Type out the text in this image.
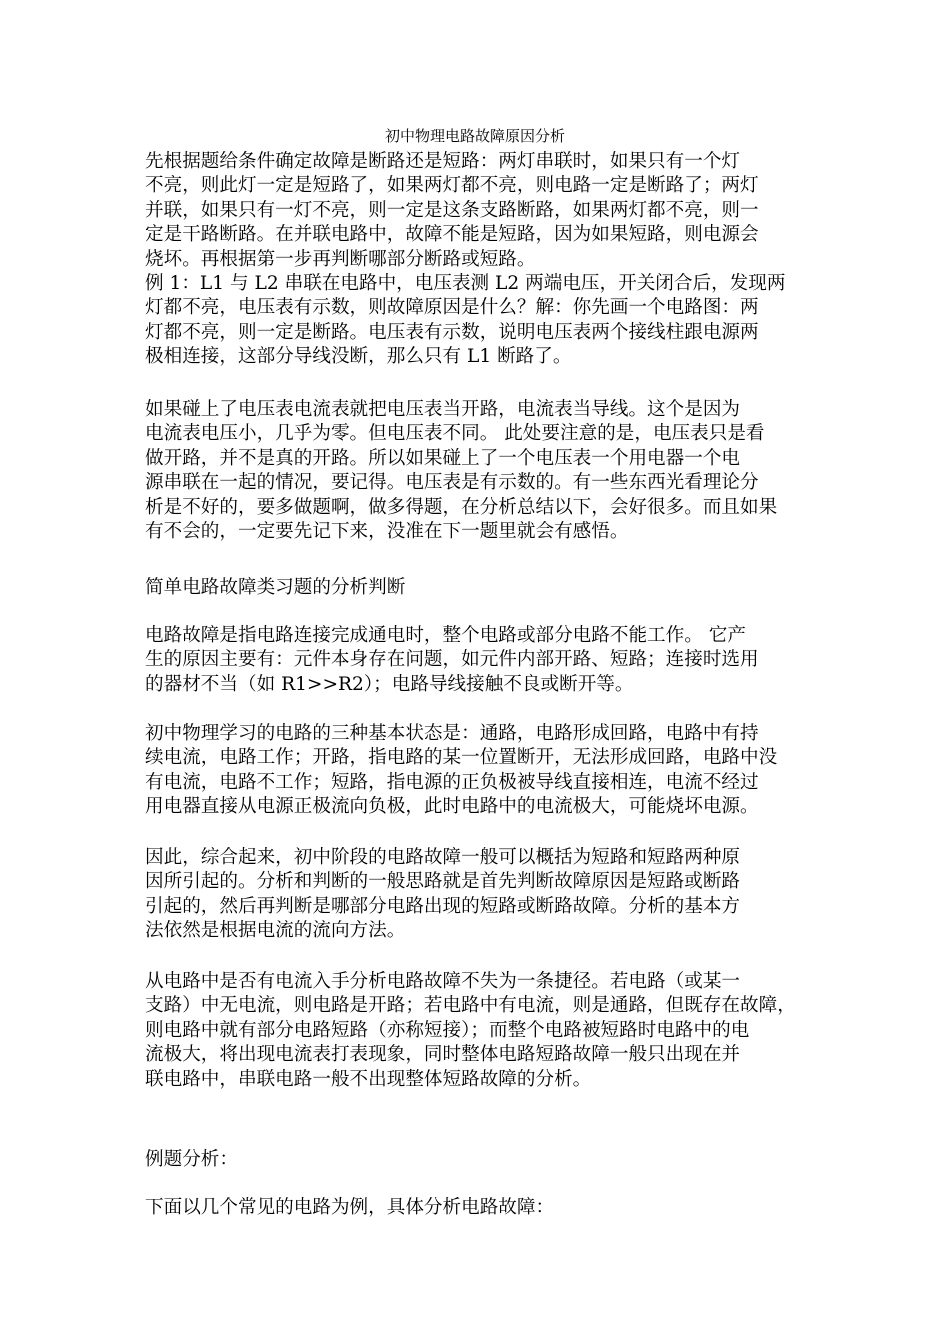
初中物理电路故障原因分析
先根据题给条件确定故障是断路还是短路：两灯串联时，如果只有一个灯
不亮，则此灯一定是短路了，如果两灯都不亮，则电路一定是断路了；两灯
并联，如果只有一灯不亮，则一定是这条支路断路，如果两灯都不亮，则一
定是干路断路。在并联电路中，故障不能是短路，因为如果短路，则电源会
烧坏。再根据第一步再判断哪部分断路或短路。
例 1：L1 与 L2 串联在电路中，电压表测 L2 两端电压，开关闭合后，发现两
灯都不亮，电压表有示数，则故障原因是什么？解：你先画一个电路图：两
灯都不亮，则一定是断路。电压表有示数，说明电压表两个接线柱跟电源两
极相连接，这部分导线没断，那么只有 L1 断路了。
如果碰上了电压表电流表就把电压表当开路，电流表当导线。这个是因为
电流表电压小，几乎为零。但电压表不同。 此处要注意的是，电压表只是看
做开路，并不是真的开路。所以如果碰上了一个电压表一个用电器一个电
源串联在一起的情况，要记得。电压表是有示数的。有一些东西光看理论分
析是不好的，要多做题啊，做多得题，在分析总结以下，会好很多。而且如果
有不会的，一定要先记下来，没准在下一题里就会有感悟。
简单电路故障类习题的分析判断
电路故障是指电路连接完成通电时，整个电路或部分电路不能工作。 它产
生的原因主要有：元件本身存在问题，如元件内部开路、短路；连接时选用
的器材不当（如 R1>>R2）；电路导线接触不良或断开等。
初中物理学习的电路的三种基本状态是：通路，电路形成回路，电路中有持
续电流，电路工作；开路，指电路的某一位置断开，无法形成回路，电路中没
有电流，电路不工作；短路，指电源的正负极被导线直接相连，电流不经过
用电器直接从电源正极流向负极，此时电路中的电流极大，可能烧坏电源。
因此，综合起来，初中阶段的电路故障一般可以概括为短路和短路两种原
因所引起的。分析和判断的一般思路就是首先判断故障原因是短路或断路
引起的，然后再判断是哪部分电路出现的短路或断路故障。分析的基本方
法依然是根据电流的流向方法。
从电路中是否有电流入手分析电路故障不失为一条捷径。若电路（或某一
支路）中无电流，则电路是开路；若电路中有电流，则是通路，但既存在故障，
则电路中就有部分电路短路（亦称短接）；而整个电路被短路时电路中的电
流极大，将出现电流表打表现象，同时整体电路短路故障一般只出现在并
联电路中，串联电路一般不出现整体短路故障的分析。
例题分析：
下面以几个常见的电路为例，具体分析电路故障：
